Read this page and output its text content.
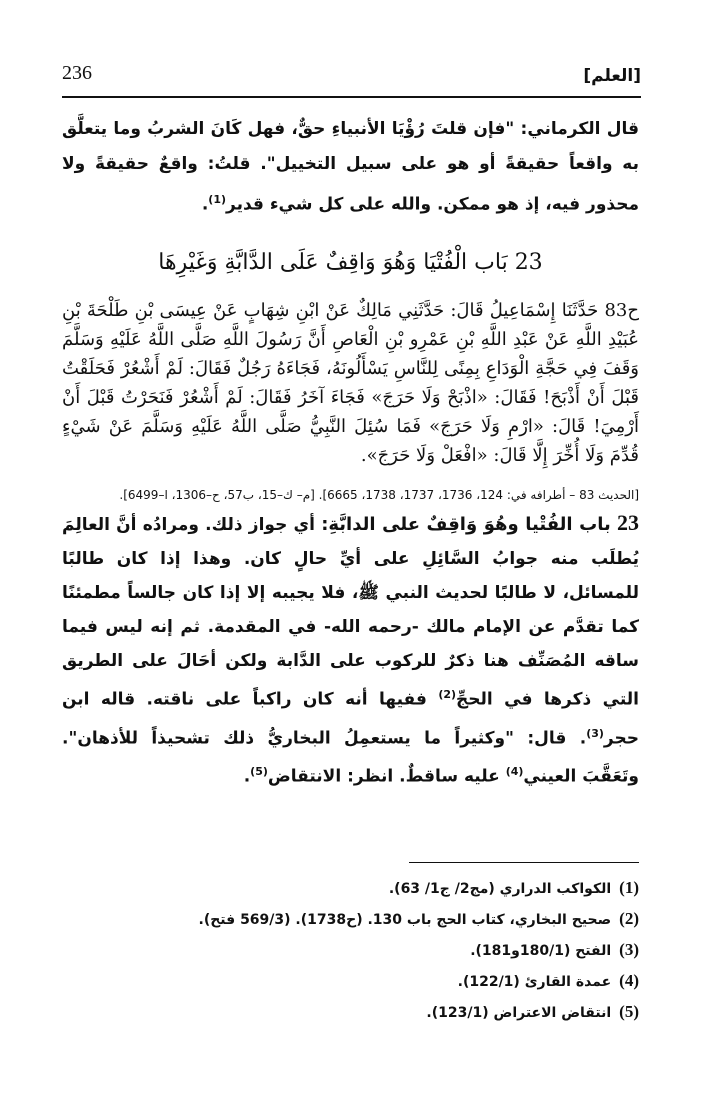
236	[العلم]
قال الكرماني: "فإن قلتَ رُؤْيَا الأنبياءِ حقٌّ، فهل كَانَ الشربُ وما يتعلَّق به واقعاً حقيقةً أو هو على سبيل التخييل". قلتُ: واقعٌ حقيقةً ولا محذور فيه، إذ هو ممكن. والله على كل شيء قدير$^{(1)}$.
23 بَاب الْفُتْيَا وَهُوَ وَاقِفٌ عَلَى الدَّابَّةِ وَغَيْرِهَا
ح83 حَدَّثَنَا إِسْمَاعِيلُ قَالَ: حَدَّثَنِي مَالِكٌ عَنْ ابْنِ شِهَابٍ عَنْ عِيسَى بْنِ طَلْحَةَ بْنِ عُبَيْدِ اللَّهِ عَنْ عَبْدِ اللَّهِ بْنِ عَمْرِو بْنِ الْعَاصِ أَنَّ رَسُولَ اللَّهِ صَلَّى اللَّهُ عَلَيْهِ وَسَلَّمَ وَقَفَ فِي حَجَّةِ الْوَدَاعِ بِمِنًى لِلنَّاسِ يَسْأَلُونَهُ، فَجَاءَهُ رَجُلٌ فَقَالَ: لَمْ أَشْعُرْ فَحَلَقْتُ قَبْلَ أَنْ أَذْبَحَ! فَقَالَ: «اذْبَحْ وَلَا حَرَجَ» فَجَاءَ آخَرُ فَقَالَ: لَمْ أَشْعُرْ فَنَحَرْتُ قَبْلَ أَنْ أَرْمِيَ! قَالَ: «ارْمِ وَلَا حَرَجَ» فَمَا سُئِلَ النَّبِيُّ صَلَّى اللَّهُ عَلَيْهِ وَسَلَّمَ عَنْ شَيْءٍ قُدِّمَ وَلَا أُخِّرَ إِلَّا قَالَ: «افْعَلْ وَلَا حَرَجَ».
[الحديث 83 – أطرافه في: 124، 1736، 1737، 1738، 6665]. [م– ك–15، ب57، ح–1306، ا–6499].
23 باب الفُتْيا وهُوَ وَاقِفٌ على الدابَّةِ: أي جواز ذلك. ومرادُه أنَّ العالِمَ يُطلَب منه جوابُ السَّائِلِ على أيِّ حالٍ كان. وهذا إذا كان طالبًا للمسائل، لا طالبًا لحديث النبي ﷺ، فلا يجيبه إلا إذا كان جالساً مطمئنًا كما تقدَّم عن الإمام مالك -رحمه الله- في المقدمة. ثم إنه ليس فيما ساقه المُصَنِّف هنا ذكرٌ للركوب على الدَّابة ولكن أحَالَ على الطريق التي ذكرها في الحجِّ$^{(2)}$ ففيها أنه كان راكباً على ناقته. قاله ابن حجر$^{(3)}$. قال: "وكثيراً ما يستعمِلُ البخاريُّ ذلك تشحيذاً للأذهان". وتَعَقَّبَ العيني$^{(4)}$ عليه ساقطٌ. انظر: الانتقاض$^{(5)}$.
(1)الكواكب الدراري (مج2/ ج1/ 63).
(2)صحيح البخاري، كتاب الحج باب 130. (ح1738). (569/3 فتح).
(3)الفتح (180/1و181).
(4)عمدة القارئ (122/1).
(5)انتقاض الاعتراض (123/1).
